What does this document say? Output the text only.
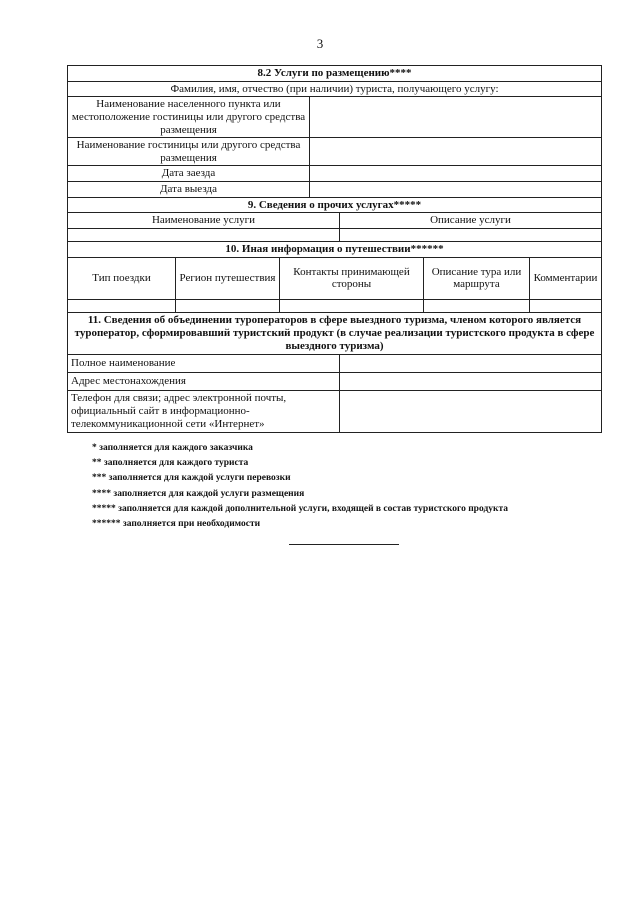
3
8.2 Услуги по размещению****						
Фамилия, имя, отчество (при наличии) туриста, получающего услугу:						
Наименование населенного пункта или местоположение гостиницы или другого средства размещения						
Наименование гостиницы или другого средства размещения						
Дата заезда						
Дата выезда						
9. Сведения о прочих услугах*****						
Наименование услуги				Описание услуги		

10. Иная информация о путешествии******						
Тип поездки	Регион путешествия	Контакты принимающей стороны			Описание тура или маршрута	Комментарии

11. Сведения об объединении туроператоров в сфере выездного туризма, членом которого является туроператор, сформировавший туристский продукт (в случае реализации туристского продукта в сфере выездного туризма)						
Полное наименование						
Адрес местонахождения						
Телефон для связи; адрес электронной почты, официальный сайт в информационно-телекоммуникационной сети «Интернет»						
* заполняется для каждого заказчика
** заполняется для каждого туриста
*** заполняется для каждой услуги перевозки
**** заполняется для каждой услуги размещения
***** заполняется для каждой дополнительной услуги, входящей в состав туристского продукта
****** заполняется при необходимости
